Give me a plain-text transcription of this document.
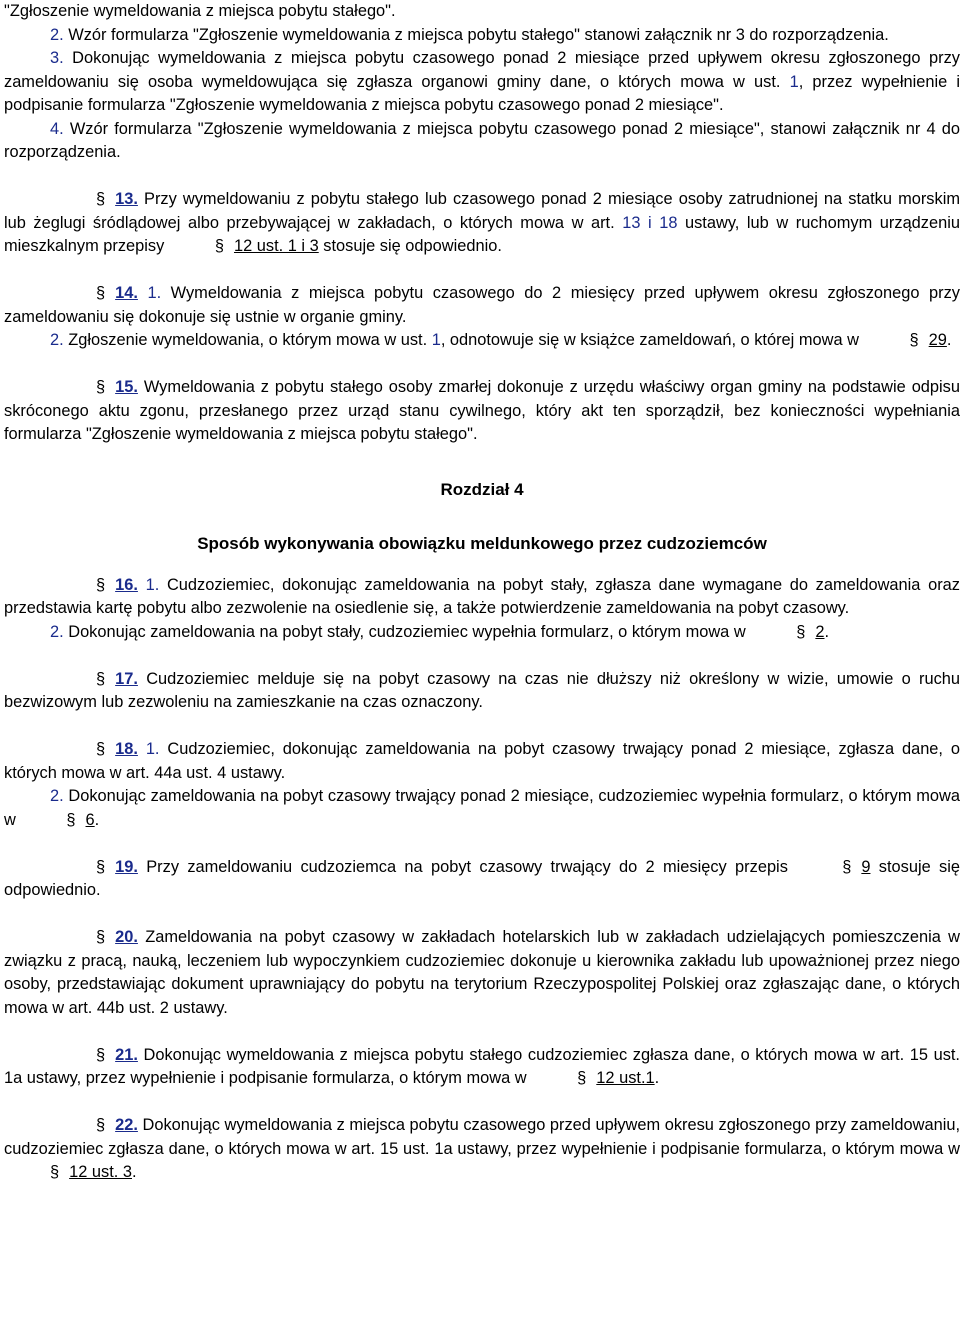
"Zgłoszenie wymeldowania z miejsca pobytu stałego".

2. Wzór formularza "Zgłoszenie wymeldowania z miejsca pobytu stałego" stanowi załącznik nr 3 do rozporządzenia.

3. Dokonując wymeldowania z miejsca pobytu czasowego ponad 2 miesiące przed upływem okresu zgłoszonego przy zameldowaniu się osoba wymeldowująca się zgłasza organowi gminy dane, o których mowa w ust. 1, przez wypełnienie i podpisanie formularza "Zgłoszenie wymeldowania z miejsca pobytu czasowego ponad 2 miesiące".

4. Wzór formularza "Zgłoszenie wymeldowania z miejsca pobytu czasowego ponad 2 miesiące", stanowi załącznik nr 4 do rozporządzenia.

§ 13. Przy wymeldowaniu z pobytu stałego lub czasowego ponad 2 miesiące osoby zatrudnionej na statku morskim lub żeglugi śródlądowej albo przebywającej w zakładach, o których mowa w art. 13 i 18 ustawy, lub w ruchomym urządzeniu mieszkalnym przepisy §	12 ust. 1 i 3 stosuje się odpowiednio.

§ 14. 1. Wymeldowania z miejsca pobytu czasowego do 2 miesięcy przed upływem okresu zgłoszonego przy zameldowaniu się dokonuje się ustnie w organie gminy.

2. Zgłoszenie wymeldowania, o którym mowa w ust. 1, odnotowuje się w książce zameldowań, o której mowa w §	29.

§ 15. Wymeldowania z pobytu stałego osoby zmarłej dokonuje z urzędu właściwy organ gminy na podstawie odpisu skróconego aktu zgonu, przesłanego przez urząd stanu cywilnego, który akt ten sporządził, bez konieczności wypełniania formularza "Zgłoszenie wymeldowania z miejsca pobytu stałego".

Rozdział 4

Sposób wykonywania obowiązku meldunkowego przez cudzoziemców

§ 16. 1. Cudzoziemiec, dokonując zameldowania na pobyt stały, zgłasza dane wymagane do zameldowania oraz przedstawia kartę pobytu albo zezwolenie na osiedlenie się, a także potwierdzenie zameldowania na pobyt czasowy.

2. Dokonując zameldowania na pobyt stały, cudzoziemiec wypełnia formularz, o którym mowa w §	2.

§ 17. Cudzoziemiec melduje się na pobyt czasowy na czas nie dłuższy niż określony w wizie, umowie o ruchu bezwizowym lub zezwoleniu na zamieszkanie na czas oznaczony.

§ 18. 1. Cudzoziemiec, dokonując zameldowania na pobyt czasowy trwający ponad 2 miesiące, zgłasza dane, o których mowa w art. 44a ust. 4 ustawy.

2. Dokonując zameldowania na pobyt czasowy trwający ponad 2 miesiące, cudzoziemiec wypełnia formularz, o którym mowa w §	6.

§ 19. Przy zameldowaniu cudzoziemca na pobyt czasowy trwający do 2 miesięcy przepis §	9 stosuje się odpowiednio.

§ 20. Zameldowania na pobyt czasowy w zakładach hotelarskich lub w zakładach udzielających pomieszczenia w związku z pracą, nauką, leczeniem lub wypoczynkiem cudzoziemiec dokonuje u kierownika zakładu lub upoważnionej przez niego osoby, przedstawiając dokument uprawniający do pobytu na terytorium Rzeczypospolitej Polskiej oraz zgłaszając dane, o których mowa w art. 44b ust. 2 ustawy.

§ 21. Dokonując wymeldowania z miejsca pobytu stałego cudzoziemiec zgłasza dane, o których mowa w art. 15 ust. 1a ustawy, przez wypełnienie i podpisanie formularza, o którym mowa w §	12 ust.1.

§ 22. Dokonując wymeldowania z miejsca pobytu czasowego przed upływem okresu zgłoszonego przy zameldowaniu, cudzoziemiec zgłasza dane, o których mowa w art. 15 ust. 1a ustawy, przez wypełnienie i podpisanie formularza, o którym mowa w § 12 ust. 3.
